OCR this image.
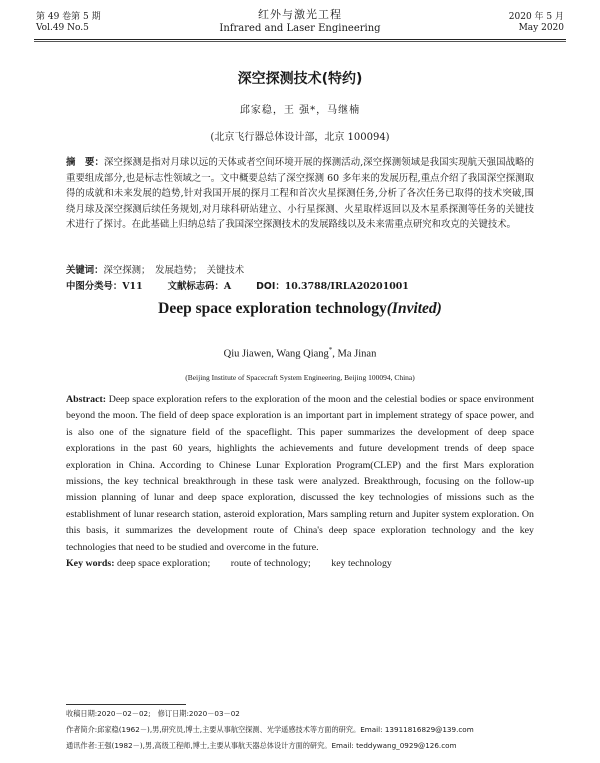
第 49 卷第 5 期
Vol.49 No.5
红外与激光工程
Infrared and Laser Engineering
2020 年 5 月
May 2020
深空探测技术(特约)
邱家稳，王 强*，马继楠
(北京飞行器总体设计部，北京 100094)

摘　要：深空探测是指对月球以远的天体或者空间环境开展的探测活动,深空探测领域是我国实现航天强国战略的重要组成部分,也是标志性领域之一。文中概要总结了深空探测 60 多年来的发展历程,重点介绍了我国深空探测取得的成就和未来发展的趋势,针对我国开展的探月工程和首次火星探测任务,分析了各次任务已取得的技术突破,围绕月球及深空探测后续任务规划,对月球科研站建立、小行星探测、火星取样返回以及木星系探测等任务的关键技术进行了探讨。在此基础上归纳总结了我国深空探测技术的发展路线以及未来需重点研究和攻克的关键技术。

关键词：深空探测；　发展趋势；　关键技术
中图分类号：V11	文献标志码：A	DOI：10.3788/IRLA20201001
Deep space exploration technology(Invited)
Qiu Jiawen, Wang Qiang*, Ma Jinan
(Beijing Institute of Spacecraft System Engineering, Beijing 100094, China)

Abstract: Deep space exploration refers to the exploration of the moon and the celestial bodies or space environment beyond the moon. The field of deep space exploration is an important part in implement strategy of space power, and is also one of the signature field of the spaceflight. This paper summarizes the development of deep space explorations in the past 60 years, highlights the achievements and future development trends of deep space exploration in China. According to Chinese Lunar Exploration Program(CLEP) and the first Mars exploration missions, the key technical breakthrough in these task were analyzed. Breakthrough, focusing on the follow-up mission planning of lunar and deep space exploration, discussed the key technologies of missions such as the establishment of lunar research station, asteroid exploration, Mars sampling return and Jupiter system exploration. On this basis, it summarizes the development route of China's deep space exploration technology and the key technologies that need to be studied and overcome in the future.

Key words: deep space exploration; route of technology; key technology
收稿日期:2020－02－02;　修订日期:2020－03－02
作者简介:邱家稳(1962－),男,研究员,博士,主要从事航空探测、光学遥感技术等方面的研究。Email: 13911816829@139.com
通讯作者:王强(1982－),男,高级工程师,博士,主要从事航天器总体设计方面的研究。Email: teddywang_0929@126.com
